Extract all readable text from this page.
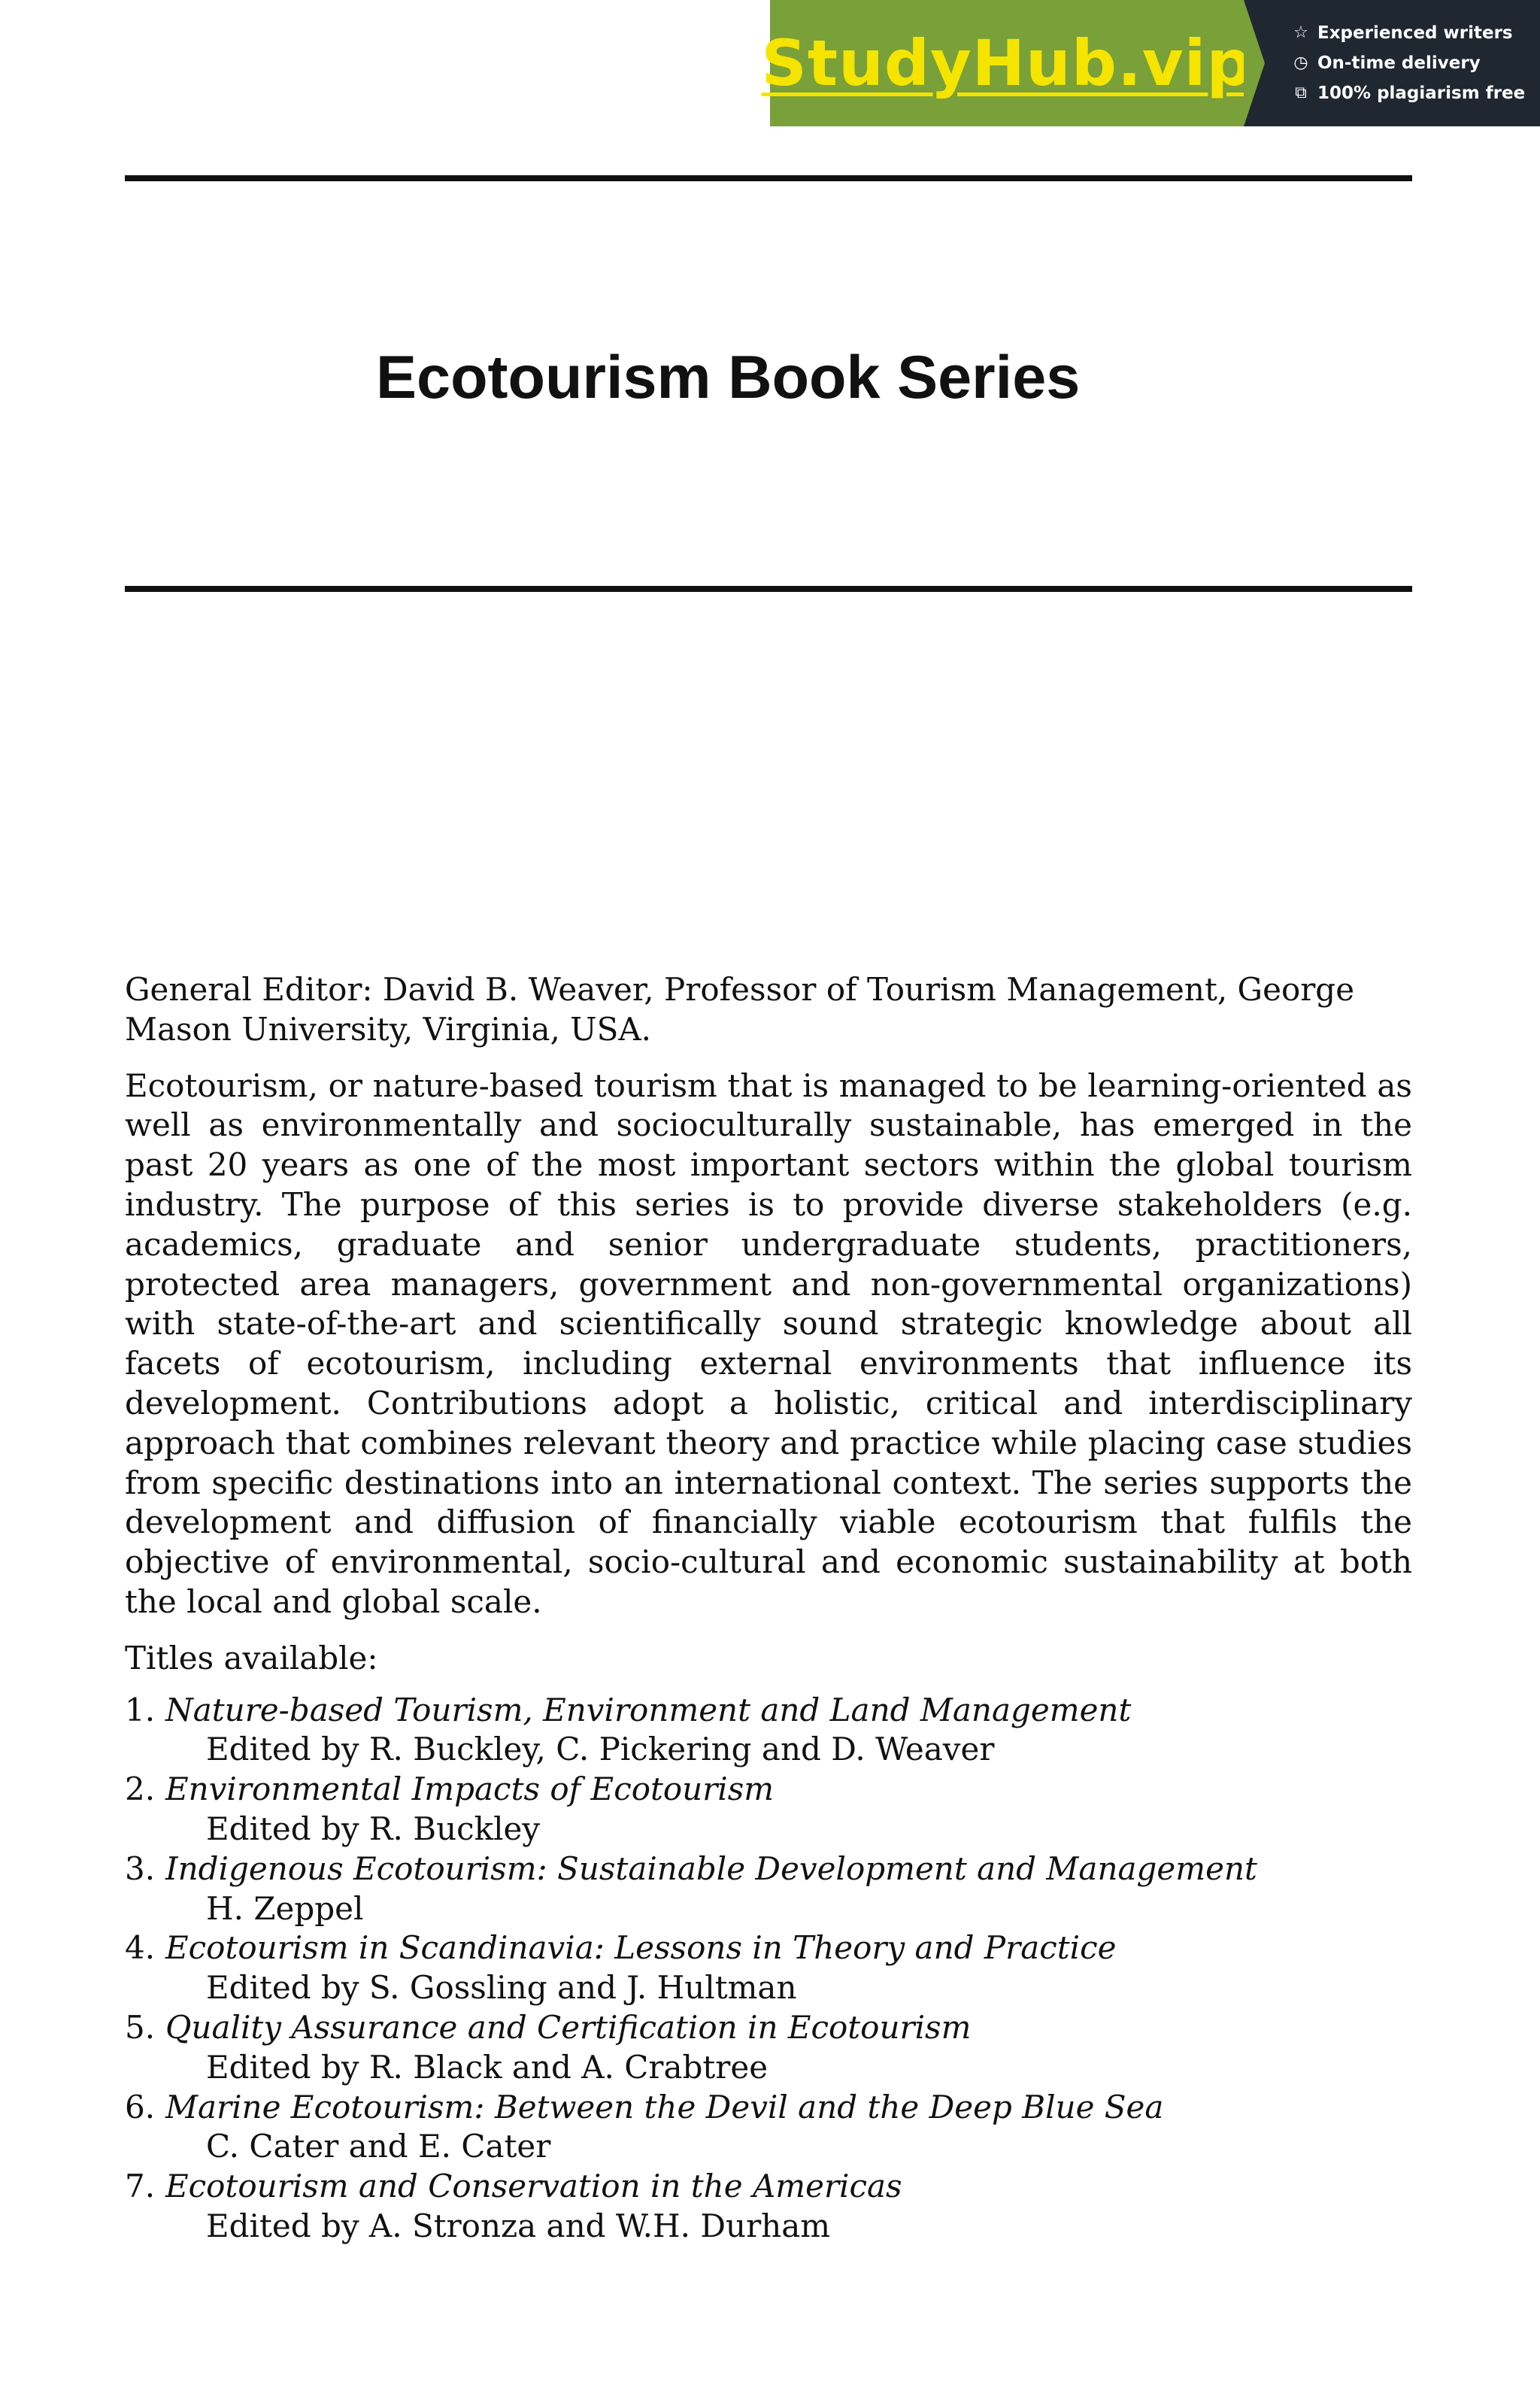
StudyHub.vip ☆ Experienced writers
◷ On-time delivery
⧉ 100% plagiarism free
Ecotourism Book Series

General Editor: David B. Weaver, Professor of Tourism Management, George Mason University, Virginia, USA.

Ecotourism, or nature-based tourism that is managed to be learning-oriented as well as environmentally and socioculturally sustainable, has emerged in the past 20 years as one of the most important sectors within the global tourism industry. The purpose of this series is to provide diverse stakeholders (e.g. academics, graduate and senior undergraduate students, practitioners, protected area managers, government and non-governmental organizations) with state-of-the-art and scientifically sound strategic knowledge about all facets of ecotourism, including external environments that influence its development. Contributions adopt a holistic, critical and interdisciplinary approach that combines relevant theory and practice while placing case studies from specific destinations into an international context. The series supports the development and diffusion of financially viable ecotourism that fulfils the objective of environmental, socio-cultural and economic sustainability at both the local and global scale.

Titles available:

1. Nature-based Tourism, Environment and Land Management
Edited by R. Buckley, C. Pickering and D. Weaver
2. Environmental Impacts of Ecotourism
Edited by R. Buckley
3. Indigenous Ecotourism: Sustainable Development and Management
H. Zeppel
4. Ecotourism in Scandinavia: Lessons in Theory and Practice
Edited by S. Gossling and J. Hultman
5. Quality Assurance and Certification in Ecotourism
Edited by R. Black and A. Crabtree
6. Marine Ecotourism: Between the Devil and the Deep Blue Sea
C. Cater and E. Cater
7. Ecotourism and Conservation in the Americas
Edited by A. Stronza and W.H. Durham
